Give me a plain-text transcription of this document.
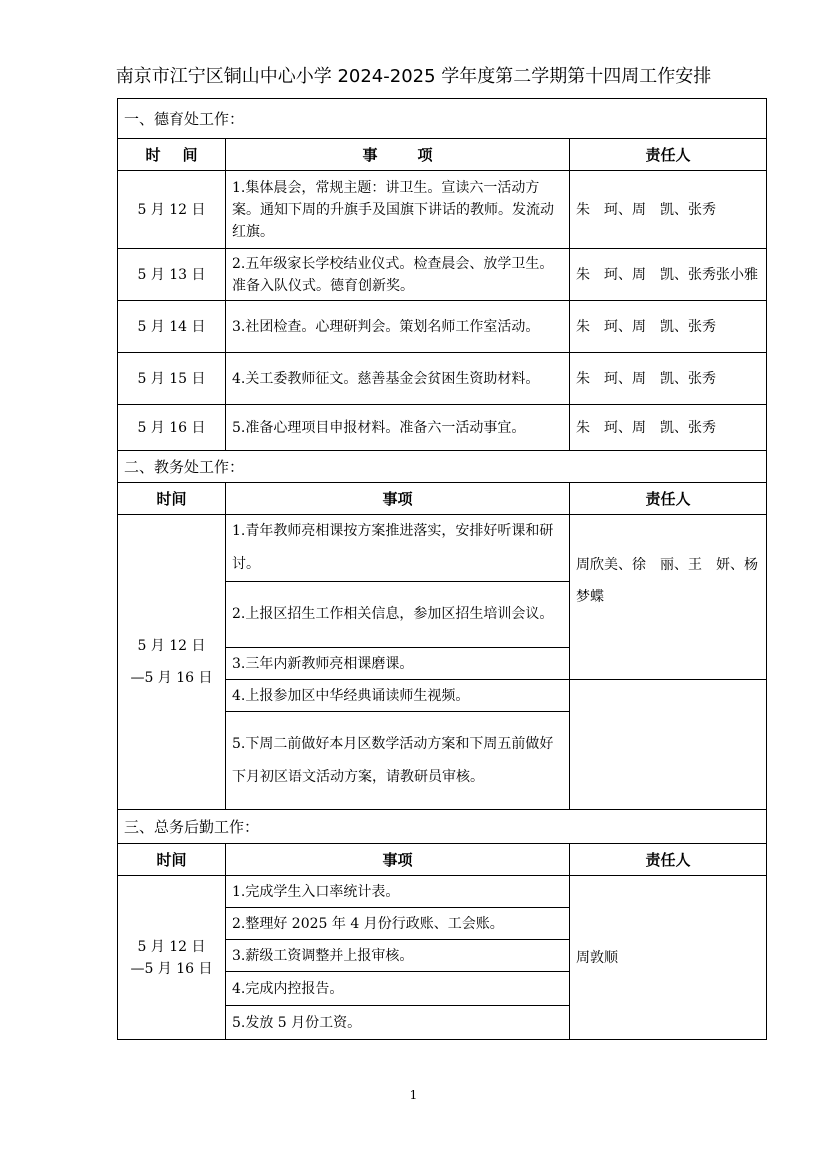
南京市江宁区铜山中心小学 2024-2025 学年度第二学期第十四周工作安排
一、德育处工作：		
时 间	事 项	责任人
5 月 12 日	1.集体晨会，常规主题：讲卫生。宣读六一活动方案。通知下周的升旗手及国旗下讲话的教师。发流动红旗。	朱　珂、周　凯、张秀
5 月 13 日	2.五年级家长学校结业仪式。检查晨会、放学卫生。准备入队仪式。德育创新奖。	朱　珂、周　凯、张秀张小雅
5 月 14 日	3.社团检查。心理研判会。策划名师工作室活动。	朱　珂、周　凯、张秀
5 月 15 日	4.关工委教师征文。慈善基金会贫困生资助材料。	朱　珂、周　凯、张秀
5 月 16 日	5.准备心理项目申报材料。准备六一活动事宜。	朱　珂、周　凯、张秀
二、教务处工作：		
时间	事项	责任人

5 月 12 日
—5 月 16 日	1.青年教师亮相课按方案推进落实，安排好听课和研讨。	周欣美、徐　丽、王　妍、杨梦蝶
	2.上报区招生工作相关信息，参加区招生培训会议。	
	3.三年内新教师亮相课磨课。	
	4.上报参加区中华经典诵读师生视频。	
	5.下周二前做好本月区数学活动方案和下周五前做好下月初区语文活动方案，请教研员审核。	
三、总务后勤工作：		
时间	事项	责任人

5 月 12 日
—5 月 16 日	1.完成学生入口率统计表。	周敦顺
	2.整理好 2025 年 4 月份行政账、工会账。	
	3.薪级工资调整并上报审核。	
	4.完成内控报告。	
	5.发放 5 月份工资。	
1
